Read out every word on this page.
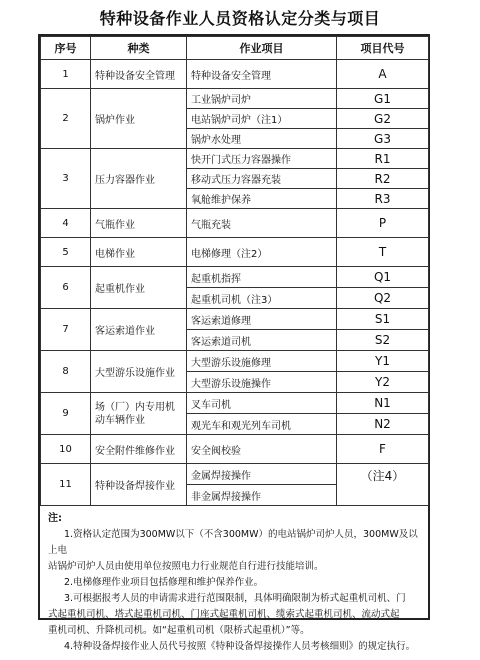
特种设备作业人员资格认定分类与项目
序号	种类	作业项目	项目代号
1	特种设备安全管理	特种设备安全管理	A
2	锅炉作业	工业锅炉司炉	G1
		电站锅炉司炉（注1）	G2
		锅炉水处理	G3
3	压力容器作业	快开门式压力容器操作	R1
		移动式压力容器充装	R2
		氧舱维护保养	R3
4	气瓶作业	气瓶充装	P
5	电梯作业	电梯修理（注2）	T
6	起重机作业	起重机指挥	Q1
		起重机司机（注3）	Q2
7	客运索道作业	客运索道修理	S1
		客运索道司机	S2
8	大型游乐设施作业	大型游乐设施修理	Y1
		大型游乐设施操作	Y2
9	场（厂）内专用机动车辆作业	叉车司机	N1
		观光车和观光列车司机	N2
10	安全附件维修作业	安全阀校验	F
11	特种设备焊接作业	金属焊接操作	（注4）
		非金属焊接操作	

注:

1.资格认定范围为300MW以下（不含300MW）的电站锅炉司炉人员，300MW及以上电

站锅炉司炉人员由使用单位按照电力行业规范自行进行技能培训。

2.电梯修理作业项目包括修理和维护保养作业。

3.可根据报考人员的申请需求进行范围限制，具体明确限制为桥式起重机司机、门

式起重机司机、塔式起重机司机、门座式起重机司机、缆索式起重机司机、流动式起

重机司机、升降机司机。如“起重机司机（限桥式起重机）”等。

4.特种设备焊接作业人员代号按照《特种设备焊接操作人员考核细则》的规定执行。
